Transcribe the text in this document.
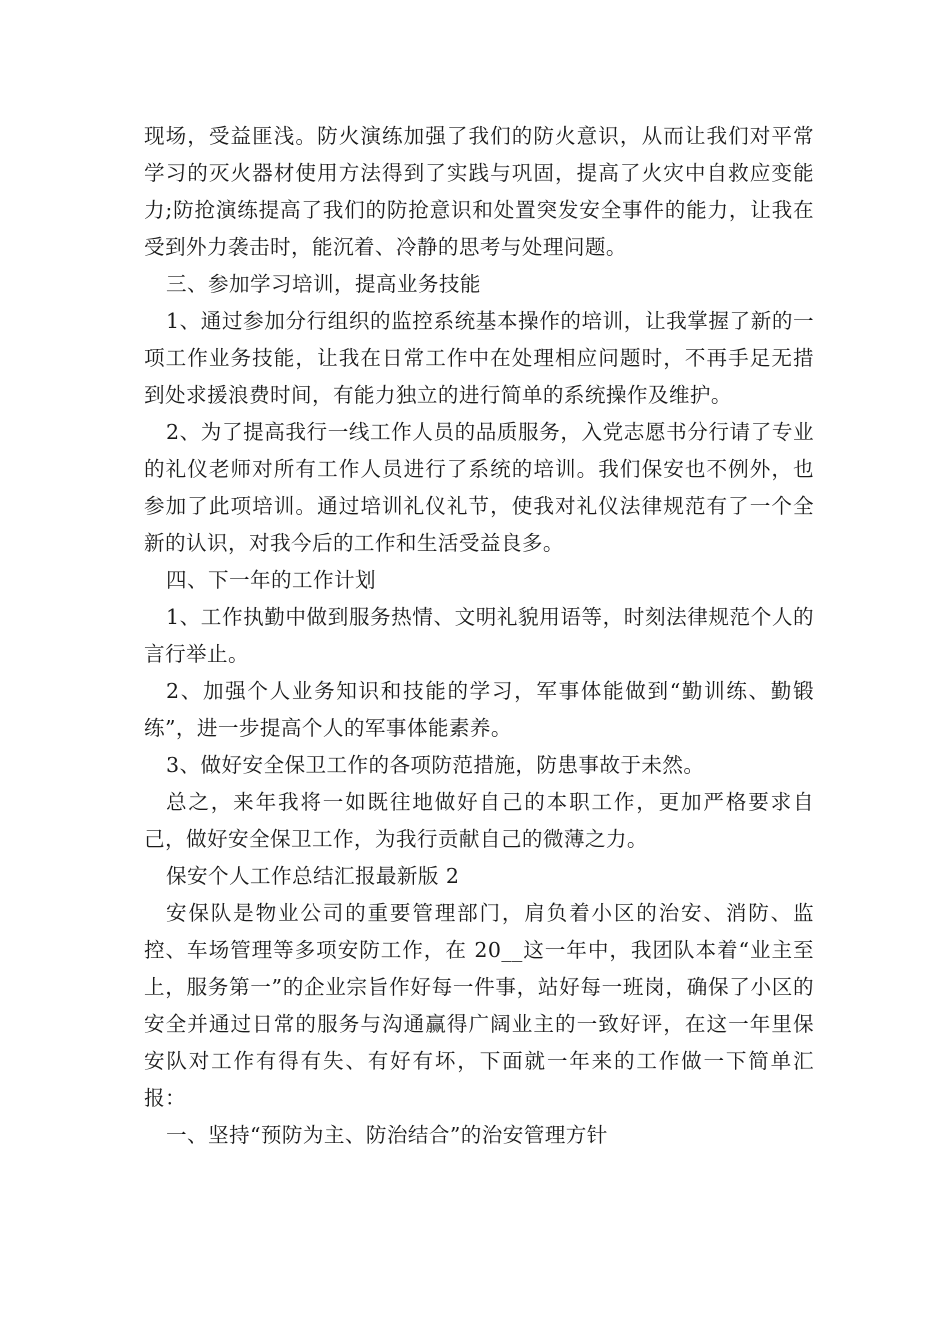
现场，受益匪浅。防火演练加强了我们的防火意识，从而让我们对平常学习的灭火器材使用方法得到了实践与巩固，提高了火灾中自救应变能力;防抢演练提高了我们的防抢意识和处置突发安全事件的能力，让我在受到外力袭击时，能沉着、冷静的思考与处理问题。

三、参加学习培训，提高业务技能

1、通过参加分行组织的监控系统基本操作的培训，让我掌握了新的一项工作业务技能，让我在日常工作中在处理相应问题时，不再手足无措到处求援浪费时间，有能力独立的进行简单的系统操作及维护。

2、为了提高我行一线工作人员的品质服务，入党志愿书分行请了专业的礼仪老师对所有工作人员进行了系统的培训。我们保安也不例外，也参加了此项培训。通过培训礼仪礼节，使我对礼仪法律规范有了一个全新的认识，对我今后的工作和生活受益良多。

四、下一年的工作计划

1、工作执勤中做到服务热情、文明礼貌用语等，时刻法律规范个人的言行举止。

2、加强个人业务知识和技能的学习，军事体能做到“勤训练、勤锻练”，进一步提高个人的军事体能素养。

3、做好安全保卫工作的各项防范措施，防患事故于未然。

总之，来年我将一如既往地做好自己的本职工作，更加严格要求自己，做好安全保卫工作，为我行贡献自己的微薄之力。

保安个人工作总结汇报最新版 2

安保队是物业公司的重要管理部门，肩负着小区的治安、消防、监控、车场管理等多项安防工作，在 20__这一年中，我团队本着“业主至上，服务第一”的企业宗旨作好每一件事，站好每一班岗，确保了小区的安全并通过日常的服务与沟通赢得广阔业主的一致好评，在这一年里保安队对工作有得有失、有好有坏，下面就一年来的工作做一下简单汇报：

一、坚持“预防为主、防治结合”的治安管理方针
